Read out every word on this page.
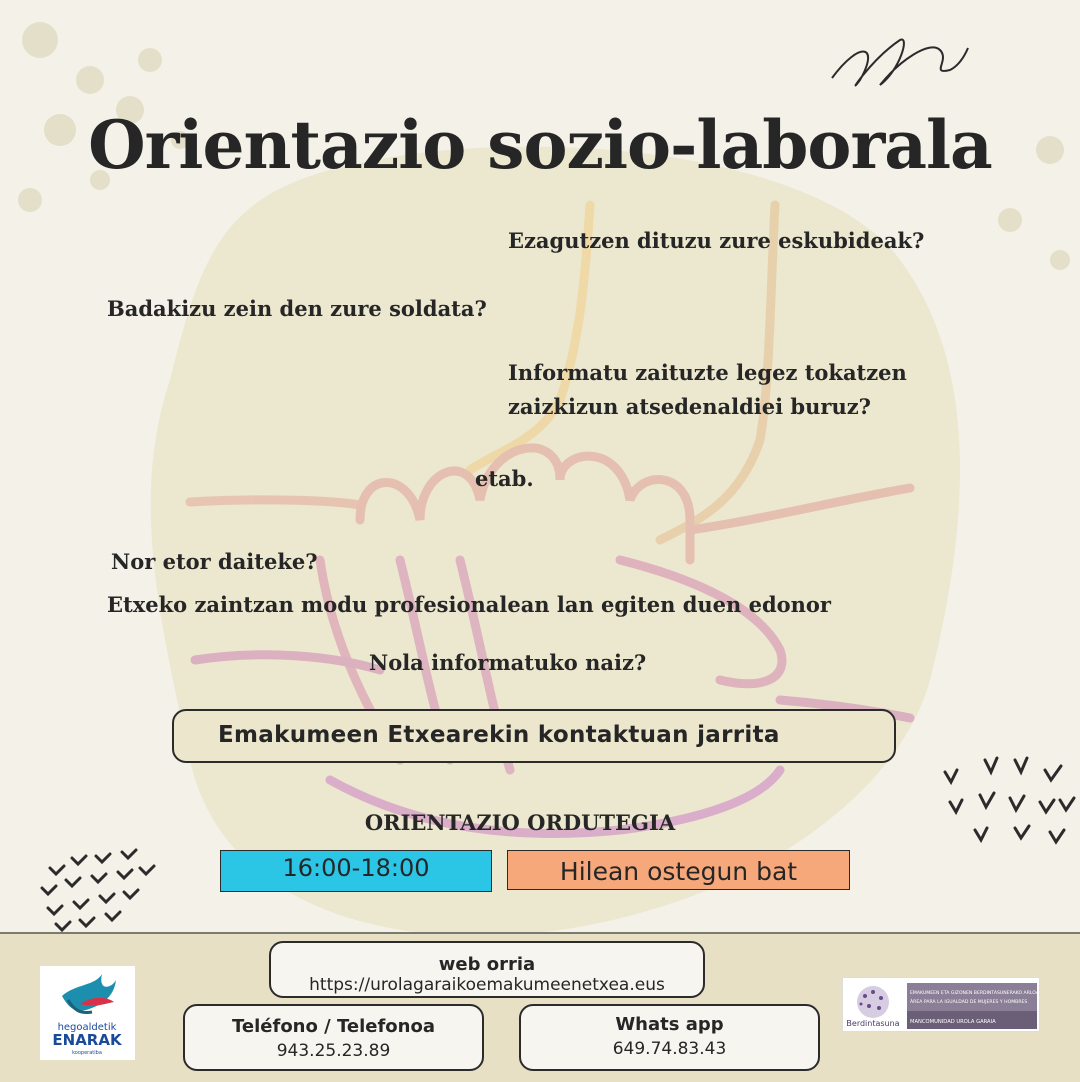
Orientazio sozio-laborala
Ezagutzen dituzu zure eskubideak?
Badakizu zein den zure soldata?
Informatu zaituzte legez tokatzen
zaizkizun atsedenaldiei buruz?
etab.
Nor etor daiteke?
Etxeko zaintzan modu profesionalean lan egiten duen edonor
Nola informatuko naiz?
Emakumeen Etxearekin kontaktuan jarrita
ORIENTAZIO ORDUTEGIA
16:00-18:00	Hilean ostegun bat
web orria
https://urolagaraikoemakumeenetxea.eus
Teléfono / Telefonoa
943.25.23.89
Whats app
649.74.83.43
hegoaldetik
ENARAK
kooperatiba
Berdintasuna
EMAKUMEEN ETA GIZONEN BERDINTASUNERAKO ARLOA
ÁREA PARA LA IGUALDAD DE MUJERES Y HOMBRES
MANCOMUNIDAD UROLA GARAIA
